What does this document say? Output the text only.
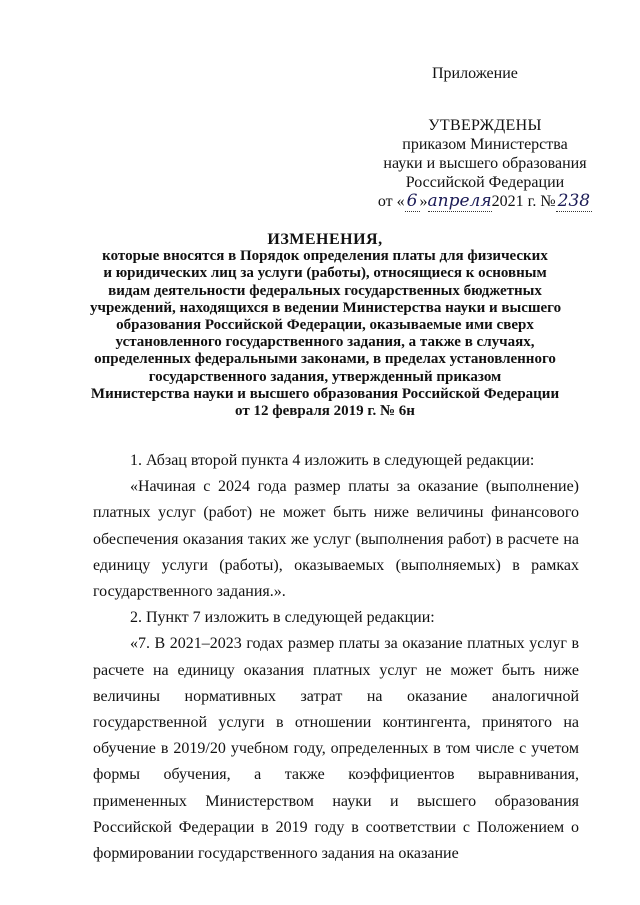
Приложение
УТВЕРЖДЕНЫ
приказом Министерства
науки и высшего образования
Российской Федерации
от « 6 »апреля2021 г. № 238
ИЗМЕНЕНИЯ,
которые вносятся в Порядок определения платы для физических
и юридических лиц за услуги (работы), относящиеся к основным
видам деятельности федеральных государственных бюджетных
учреждений, находящихся в ведении Министерства науки и высшего
образования Российской Федерации, оказываемые ими сверх
установленного государственного задания, а также в случаях,
определенных федеральными законами, в пределах установленного
государственного задания, утвержденный приказом
Министерства науки и высшего образования Российской Федерации
от 12 февраля 2019 г. № 6н

1. Абзац второй пункта 4 изложить в следующей редакции:

«Начиная с 2024 года размер платы за оказание (выполнение) платных услуг (работ) не может быть ниже величины финансового обеспечения оказания таких же услуг (выполнения работ) в расчете на единицу услуги (работы), оказываемых (выполняемых) в рамках государственного задания.».

2. Пункт 7 изложить в следующей редакции:

«7. В 2021–2023 годах размер платы за оказание платных услуг в расчете на единицу оказания платных услуг не может быть ниже величины нормативных затрат на оказание аналогичной государственной услуги в отношении контингента, принятого на обучение в 2019/20 учебном году, определенных в том числе с учетом формы обучения, а также коэффициентов выравнивания, примененных Министерством науки и высшего образования Российской Федерации в 2019 году в соответствии с Положением о формировании государственного задания на оказание
